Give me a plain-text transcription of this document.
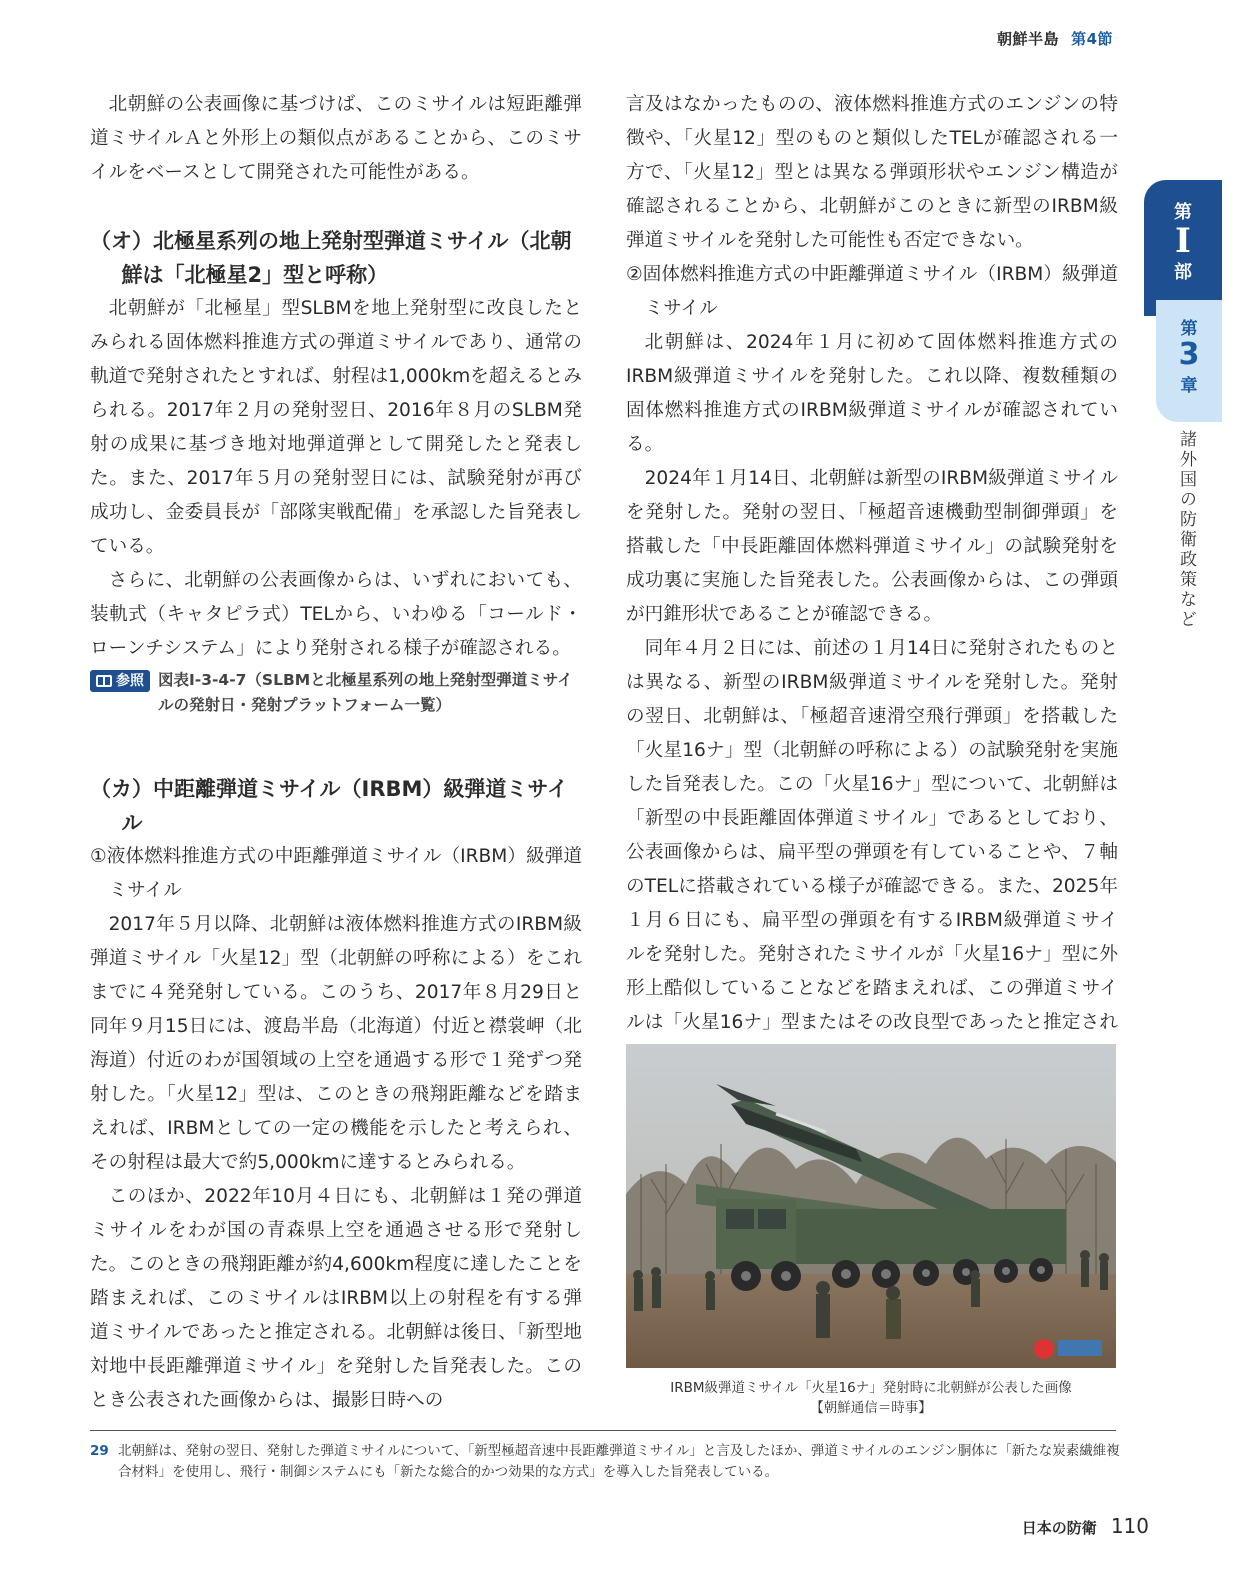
朝鮮半島 第4節
第
Ⅰ
部
第
3
章
諸外国の防衛政策など

北朝鮮の公表画像に基づけば、このミサイルは短距離弾道ミサイルＡと外形上の類似点があることから、このミサイルをベースとして開発された可能性がある。

（オ）北極星系列の地上発射型弾道ミサイル（北朝鮮は「北極星2」型と呼称）

北朝鮮が「北極星」型SLBMを地上発射型に改良したとみられる固体燃料推進方式の弾道ミサイルであり、通常の軌道で発射されたとすれば、射程は1,000kmを超えるとみられる。2017年２月の発射翌日、2016年８月のSLBM発射の成果に基づき地対地弾道弾として開発したと発表した。また、2017年５月の発射翌日には、試験発射が再び成功し、金委員長が「部隊実戦配備」を承認した旨発表している。

さらに、北朝鮮の公表画像からは、いずれにおいても、装軌式（キャタピラ式）TELから、いわゆる「コールド・ローンチシステム」により発射される様子が確認される。

参照 図表Ⅰ-3-4-7（SLBMと北極星系列の地上発射型弾道ミサイルの発射日・発射プラットフォーム一覧）
（カ）中距離弾道ミサイル（IRBM）級弾道ミサイル

①液体燃料推進方式の中距離弾道ミサイル（IRBM）級弾道ミサイル

2017年５月以降、北朝鮮は液体燃料推進方式のIRBM級弾道ミサイル「火星12」型（北朝鮮の呼称による）をこれまでに４発発射している。このうち、2017年８月29日と同年９月15日には、渡島半島（北海道）付近と襟裳岬（北海道）付近のわが国領域の上空を通過する形で１発ずつ発射した。「火星12」型は、このときの飛翔距離などを踏まえれば、IRBMとしての一定の機能を示したと考えられ、その射程は最大で約5,000kmに達するとみられる。

このほか、2022年10月４日にも、北朝鮮は１発の弾道ミサイルをわが国の青森県上空を通過させる形で発射した。このときの飛翔距離が約4,600km程度に達したことを踏まえれば、このミサイルはIRBM以上の射程を有する弾道ミサイルであったと推定される。北朝鮮は後日、「新型地対地中長距離弾道ミサイル」を発射した旨発表した。このとき公表された画像からは、撮影日時への

言及はなかったものの、液体燃料推進方式のエンジンの特徴や、「火星12」型のものと類似したTELが確認される一方で、「火星12」型とは異なる弾頭形状やエンジン構造が確認されることから、北朝鮮がこのときに新型のIRBM級弾道ミサイルを発射した可能性も否定できない。

②固体燃料推進方式の中距離弾道ミサイル（IRBM）級弾道ミサイル

北朝鮮は、2024年１月に初めて固体燃料推進方式のIRBM級弾道ミサイルを発射した。これ以降、複数種類の固体燃料推進方式のIRBM級弾道ミサイルが確認されている。

2024年１月14日、北朝鮮は新型のIRBM級弾道ミサイルを発射した。発射の翌日、「極超音速機動型制御弾頭」を搭載した「中長距離固体燃料弾道ミサイル」の試験発射を成功裏に実施した旨発表した。公表画像からは、この弾頭が円錐形状であることが確認できる。

同年４月２日には、前述の１月14日に発射されたものとは異なる、新型のIRBM級弾道ミサイルを発射した。発射の翌日、北朝鮮は、「極超音速滑空飛行弾頭」を搭載した「火星16ナ」型（北朝鮮の呼称による）の試験発射を実施した旨発表した。この「火星16ナ」型について、北朝鮮は「新型の中長距離固体弾道ミサイル」であるとしており、公表画像からは、扁平型の弾頭を有していることや、７軸のTELに搭載されている様子が確認できる。また、2025年１月６日にも、扁平型の弾頭を有するIRBM級弾道ミサイルを発射した。発射されたミサイルが「火星16ナ」型に外形上酷似していることなどを踏まえれば、この弾道ミサイルは「火星16ナ」型またはその改良型であったと推定され

IRBM級弾道ミサイル「火星16ナ」発射時に北朝鮮が公表した画像
【朝鮮通信＝時事】
29 北朝鮮は、発射の翌日、発射した弾道ミサイルについて、「新型極超音速中長距離弾道ミサイル」と言及したほか、弾道ミサイルのエンジン胴体に「新たな炭素繊維複合材料」を使用し、飛行・制御システムにも「新たな総合的かつ効果的な方式」を導入した旨発表している。
日本の防衛 110
